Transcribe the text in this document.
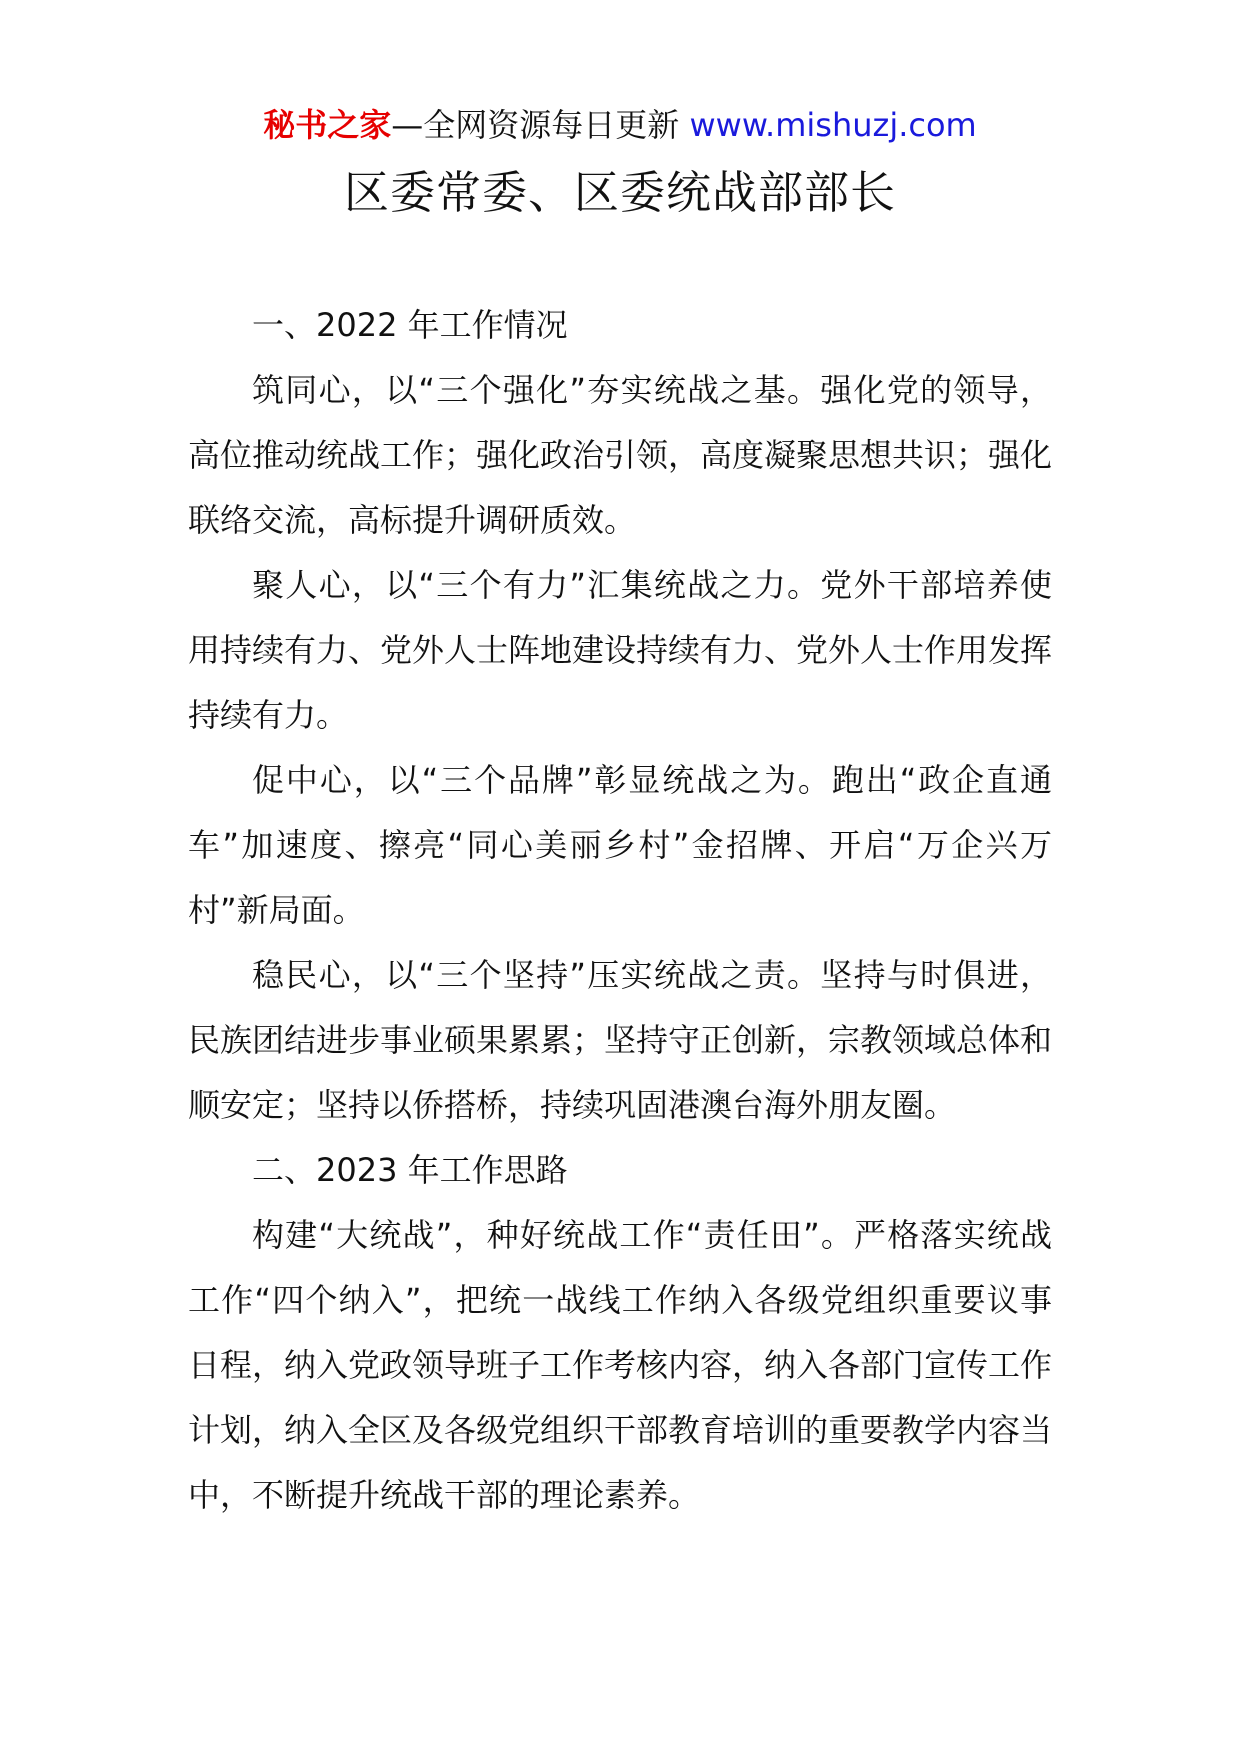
秘书之家—全网资源每日更新 www.mishuzj.com
区委常委、区委统战部部长

一、2022 年工作情况

筑同心，以“三个强化”夯实统战之基。强化党的领导，高位推动统战工作；强化政治引领，高度凝聚思想共识；强化联络交流，高标提升调研质效。

聚人心，以“三个有力”汇集统战之力。党外干部培养使用持续有力、党外人士阵地建设持续有力、党外人士作用发挥持续有力。

促中心，以“三个品牌”彰显统战之为。跑出“政企直通车”加速度、擦亮“同心美丽乡村”金招牌、开启“万企兴万村”新局面。

稳民心，以“三个坚持”压实统战之责。坚持与时俱进，民族团结进步事业硕果累累；坚持守正创新，宗教领域总体和顺安定；坚持以侨搭桥，持续巩固港澳台海外朋友圈。

二、2023 年工作思路

构建“大统战”，种好统战工作“责任田”。严格落实统战工作“四个纳入”，把统一战线工作纳入各级党组织重要议事日程，纳入党政领导班子工作考核内容，纳入各部门宣传工作计划，纳入全区及各级党组织干部教育培训的重要教学内容当中，不断提升统战干部的理论素养。
